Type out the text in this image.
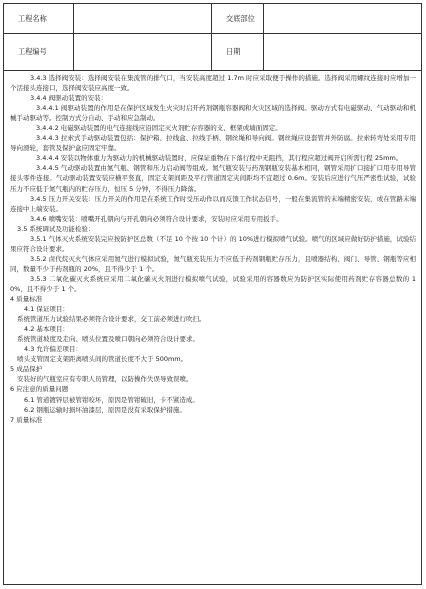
工程名称	交底部位
工程编号	日期

3.4.3 选择阀安装：选择阀安装在集流管的排气口，当安装高度超过 1.7m 时应采取便于操作的措施。选择阀采用螺纹连接时应增加一个活接头连接口，选择阀安装应高度一致。

3.4.4 阀驱动装置的安装：

3.4.4.1 阀驱动装置的作用是在保护区域发生火灾时启开药剂钢瓶容器阀和火灾区域的选择阀。驱动方式有电磁驱动、气动驱动和机械手动驱动等。控制方式分自动、手动和应急制动。

3.4.4.2 电磁驱动装置的电气连接线应沿固定灭火剂贮存容器的支、框架或墙面固定。

3.4.4.3 拉索式手动驱动装置包括：保护箱、拉线盒、拉线手柄、钢丝绳和导向阀。钢丝绳应设套管并外防腐。拉索转弯处采用专用导向滑轮，套管及保护盒应固定牢靠。

3.4.4.4 安装以物体重力为驱动力的机械驱动装置时，应保证重物在下落行程中无阻挡，其行程应超过阀开启所需行程 25mm。

3.4.4.5 气动驱动装置由氮气瓶、钢管和压力启动阀等组成。氮气瓶安装与药剂钢瓶安装基本相同，钢管采用扩口接扩口用专用导管接头零件连接。气动驱动装置安装应横平竖直，固定支架间距及平行管道固定夹间距均不宜超过 0.6m。安装后应进行气压严密性试验，试验压力不应低于氮气瓶内的贮存压力，恒压 5 分钟，不得压力降落。

3.4.5 压力开关安装：压力开关的作用是在系统工作时受压动作以而反馈工作状态信号，一般在集流管的末端精密安装，或在管路末端连接中上端安装。

3.4.6 喷嘴安装：喷嘴开孔朝向与开孔朝向必须符合设计要求，安装时应采用专用扳手。

3.5 系统调试及功能检验：

3.5.1 气体灭火系统安装完应按防护区总数（不足 10 个按 10 个计）的 10%进行模拟喷气试验。喷气的区域应做好防护措施，试验结果应符合设计要求。

3.5.2 卤代烷灭火气体应采用氮气进行模拟试验，氮气瓶充装压力不应低于药剂钢瓶贮存压力，且喷器结构、阀门、导管、钢瓶等应相同，数量不少于药剂瓶的 20%，且不得少于 1 个。

3.5.3 二氧化碳灭火系统应采用二氧化碳灭火剂进行模拟喷气试验，试验采用的容器数应为防护区实际使用药剂贮存容器总数的 10%，且不得少于 1 个。

4 质量标准

4.1 保证项目：

系统管道压力试验结果必须符合设计要求，交工前必须进行吹扫。

4.2 基本项目：

系统管道坡度及走向、喷头位置及喷口朝向必须符合设计要求。

4.3 允许偏差项目：

喷头支管固定支架距离喷头间的管道长度不大于 500mm。

5 成品保护

安装好的气瓶室应有专职人员管理，以防操作失误导致误喷。

6 应注意的质量问题

6.1 管道镀锌层被管钳咬坏，原因是管钳破旧，卡不紧造成。

6.2 钢瓶运输时损坏油漆层，原因是没有采取保护措施。

7 质量标准
